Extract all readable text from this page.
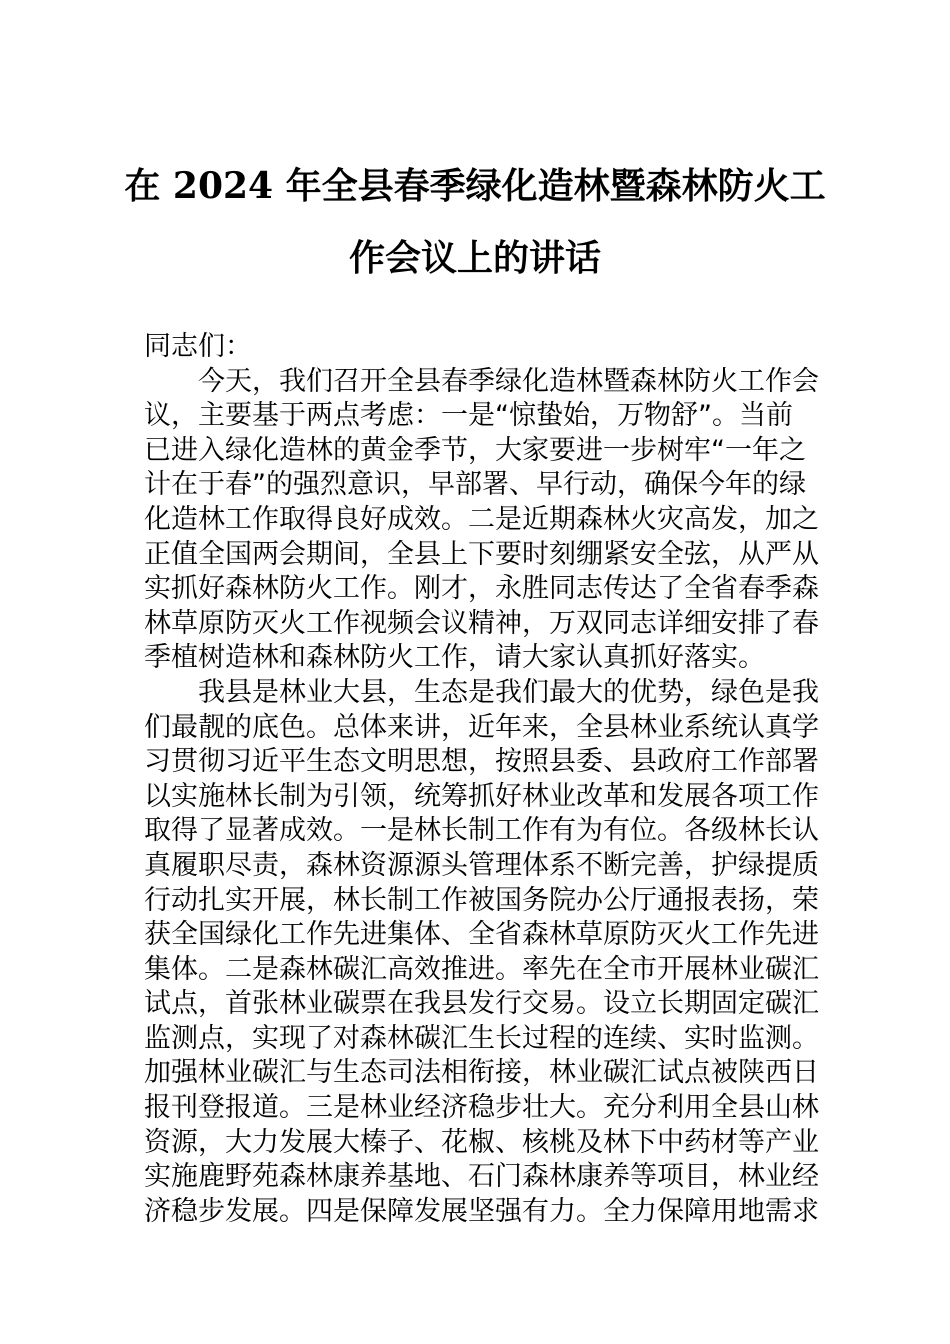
在 2024 年全县春季绿化造林暨森林防火工
作会议上的讲话
同志们：
今天，我们召开全县春季绿化造林暨森林防火工作会
议，主要基于两点考虑：一是“惊蛰始，万物舒”。当前
已进入绿化造林的黄金季节，大家要进一步树牢“一年之
计在于春”的强烈意识，早部署、早行动，确保今年的绿
化造林工作取得良好成效。二是近期森林火灾高发，加之
正值全国两会期间，全县上下要时刻绷紧安全弦，从严从
实抓好森林防火工作。刚才，永胜同志传达了全省春季森
林草原防灭火工作视频会议精神，万双同志详细安排了春
季植树造林和森林防火工作，请大家认真抓好落实。
我县是林业大县，生态是我们最大的优势，绿色是我
们最靓的底色。总体来讲，近年来，全县林业系统认真学
习贯彻习近平生态文明思想，按照县委、县政府工作部署
以实施林长制为引领，统筹抓好林业改革和发展各项工作
取得了显著成效。一是林长制工作有为有位。各级林长认
真履职尽责，森林资源源头管理体系不断完善，护绿提质
行动扎实开展，林长制工作被国务院办公厅通报表扬，荣
获全国绿化工作先进集体、全省森林草原防灭火工作先进
集体。二是森林碳汇高效推进。率先在全市开展林业碳汇
试点，首张林业碳票在我县发行交易。设立长期固定碳汇
监测点，实现了对森林碳汇生长过程的连续、实时监测。
加强林业碳汇与生态司法相衔接，林业碳汇试点被陕西日
报刊登报道。三是林业经济稳步壮大。充分利用全县山林
资源，大力发展大榛子、花椒、核桃及林下中药材等产业
实施鹿野苑森林康养基地、石门森林康养等项目，林业经
济稳步发展。四是保障发展坚强有力。全力保障用地需求
